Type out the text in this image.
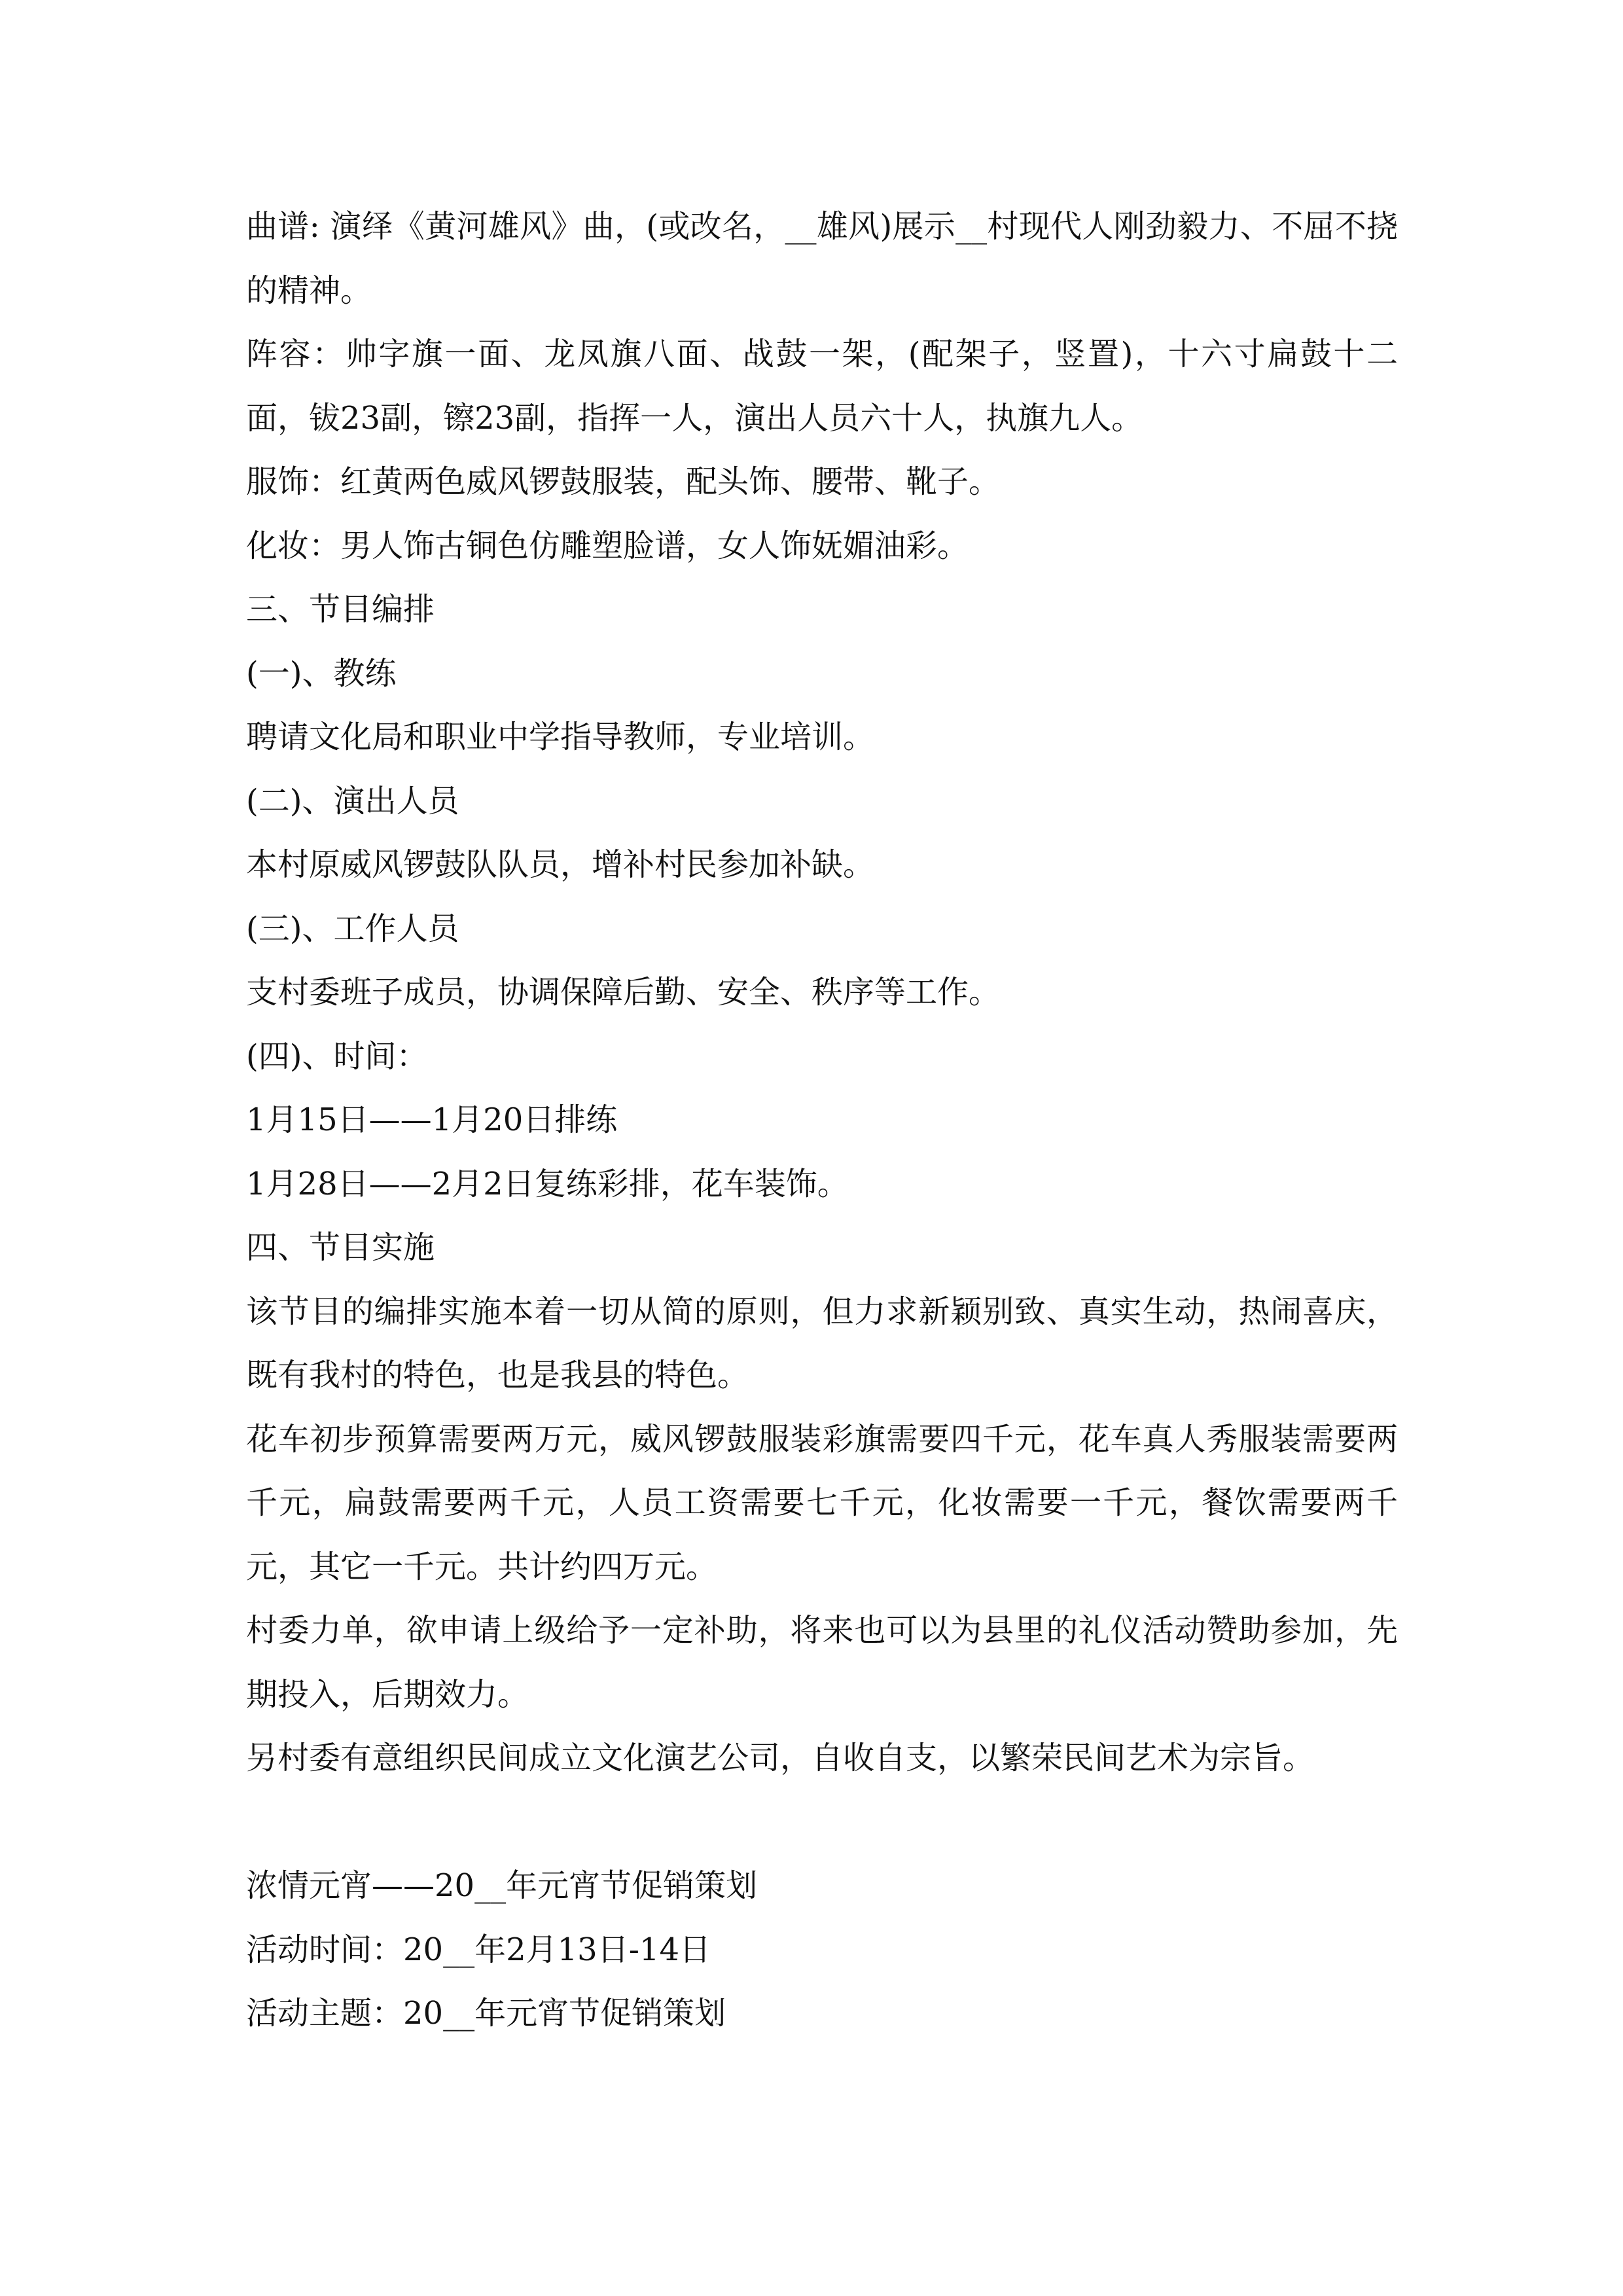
曲谱: 演绎《黄河雄风》曲，(或改名，__雄风)展示__村现代人刚劲毅力、不屈不挠的精神。

阵容：帅字旗一面、龙凤旗八面、战鼓一架，(配架子，竖置)，十六寸扁鼓十二面，钹23副，镲23副，指挥一人，演出人员六十人，执旗九人。

服饰：红黄两色威风锣鼓服装，配头饰、腰带、靴子。

化妆：男人饰古铜色仿雕塑脸谱，女人饰妩媚油彩。

三、节目编排

(一)、教练

聘请文化局和职业中学指导教师，专业培训。

(二)、演出人员

本村原威风锣鼓队队员，增补村民参加补缺。

(三)、工作人员

支村委班子成员，协调保障后勤、安全、秩序等工作。

(四)、时间：

1月15日——1月20日排练

1月28日——2月2日复练彩排，花车装饰。

四、节目实施

该节目的编排实施本着一切从简的原则，但力求新颖别致、真实生动，热闹喜庆，既有我村的特色，也是我县的特色。

花车初步预算需要两万元，威风锣鼓服装彩旗需要四千元，花车真人秀服装需要两千元，扁鼓需要两千元，人员工资需要七千元，化妆需要一千元，餐饮需要两千元，其它一千元。共计约四万元。

村委力单，欲申请上级给予一定补助，将来也可以为县里的礼仪活动赞助参加，先期投入，后期效力。

另村委有意组织民间成立文化演艺公司，自收自支，以繁荣民间艺术为宗旨。

浓情元宵——20__年元宵节促销策划

活动时间：20__年2月13日-14日

活动主题：20__年元宵节促销策划
